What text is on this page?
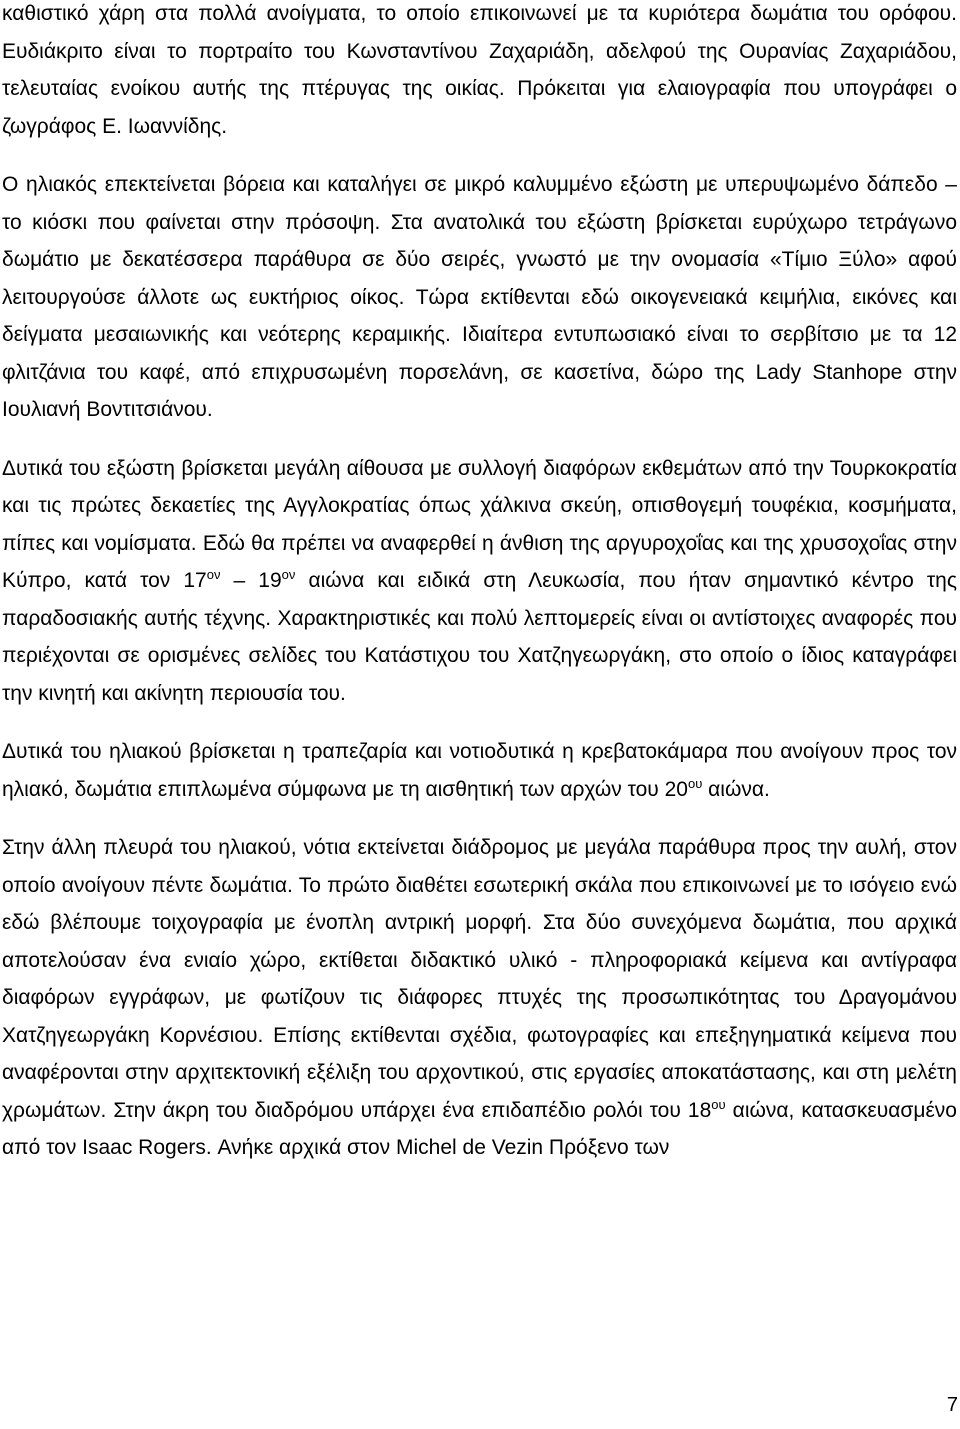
καθιστικό χάρη στα πολλά ανοίγματα, το οποίο επικοινωνεί με τα κυριότερα δωμάτια του ορόφου. Ευδιάκριτο είναι το πορτραίτο του Κωνσταντίνου Ζαχαριάδη, αδελφού της Ουρανίας Ζαχαριάδου, τελευταίας ενοίκου αυτής της πτέρυγας της οικίας. Πρόκειται για ελαιογραφία που υπογράφει ο ζωγράφος Ε. Ιωαννίδης.

Ο ηλιακός επεκτείνεται βόρεια και καταλήγει σε μικρό καλυμμένο εξώστη με υπερυψωμένο δάπεδο – το κιόσκι που φαίνεται στην πρόσοψη. Στα ανατολικά του εξώστη βρίσκεται ευρύχωρο τετράγωνο δωμάτιο με δεκατέσσερα παράθυρα σε δύο σειρές, γνωστό με την ονομασία «Τίμιο Ξύλο» αφού λειτουργούσε άλλοτε ως ευκτήριος οίκος. Τώρα εκτίθενται εδώ οικογενειακά κειμήλια, εικόνες και δείγματα μεσαιωνικής και νεότερης κεραμικής. Ιδιαίτερα εντυπωσιακό είναι το σερβίτσιο με τα 12 φλιτζάνια του καφέ, από επιχρυσωμένη πορσελάνη, σε κασετίνα, δώρο της Lady Stanhope στην Ιουλιανή Βοντιτσιάνου.

Δυτικά του εξώστη βρίσκεται μεγάλη αίθουσα με συλλογή διαφόρων εκθεμάτων από την Τουρκοκρατία και τις πρώτες δεκαετίες της Αγγλοκρατίας όπως χάλκινα σκεύη, οπισθογεμή τουφέκια, κοσμήματα, πίπες και νομίσματα. Εδώ θα πρέπει να αναφερθεί η άνθιση της αργυροχοΐας και της χρυσοχοΐας στην Κύπρο, κατά τον $17^{o\nu} - 19^{o\nu}$ αιώνα και ειδικά στη Λευκωσία, που ήταν σημαντικό κέντρο της παραδοσιακής αυτής τέχνης. Χαρακτηριστικές και πολύ λεπτομερείς είναι οι αντίστοιχες αναφορές που περιέχονται σε ορισμένες σελίδες του Κατάστιχου του Χατζηγεωργάκη, στο οποίο ο ίδιος καταγράφει την κινητή και ακίνητη περιουσία του.

Δυτικά του ηλιακού βρίσκεται η τραπεζαρία και νοτιοδυτικά η κρεβατοκάμαρα που ανοίγουν προς τον ηλιακό, δωμάτια επιπλωμένα σύμφωνα με τη αισθητική των αρχών του $20^{o\upsilon}$ αιώνα.

Στην άλλη πλευρά του ηλιακού, νότια εκτείνεται διάδρομος με μεγάλα παράθυρα προς την αυλή, στον οποίο ανοίγουν πέντε δωμάτια. Το πρώτο διαθέτει εσωτερική σκάλα που επικοινωνεί με το ισόγειο ενώ εδώ βλέπουμε τοιχογραφία με ένοπλη αντρική μορφή. Στα δύο συνεχόμενα δωμάτια, που αρχικά αποτελούσαν ένα ενιαίο χώρο, εκτίθεται διδακτικό υλικό - πληροφοριακά κείμενα και αντίγραφα διαφόρων εγγράφων, με φωτίζουν τις διάφορες πτυχές της προσωπικότητας του Δραγομάνου Χατζηγεωργάκη Κορνέσιου. Επίσης εκτίθενται σχέδια, φωτογραφίες και επεξηγηματικά κείμενα που αναφέρονται στην αρχιτεκτονική εξέλιξη του αρχοντικού, στις εργασίες αποκατάστασης, και στη μελέτη χρωμάτων. Στην άκρη του διαδρόμου υπάρχει ένα επιδαπέδιο ρολόι του $18^{o\upsilon}$ αιώνα, κατασκευασμένο από τον Isaac Rogers. Ανήκε αρχικά στον Michel de Vezin Πρόξενο των

7
